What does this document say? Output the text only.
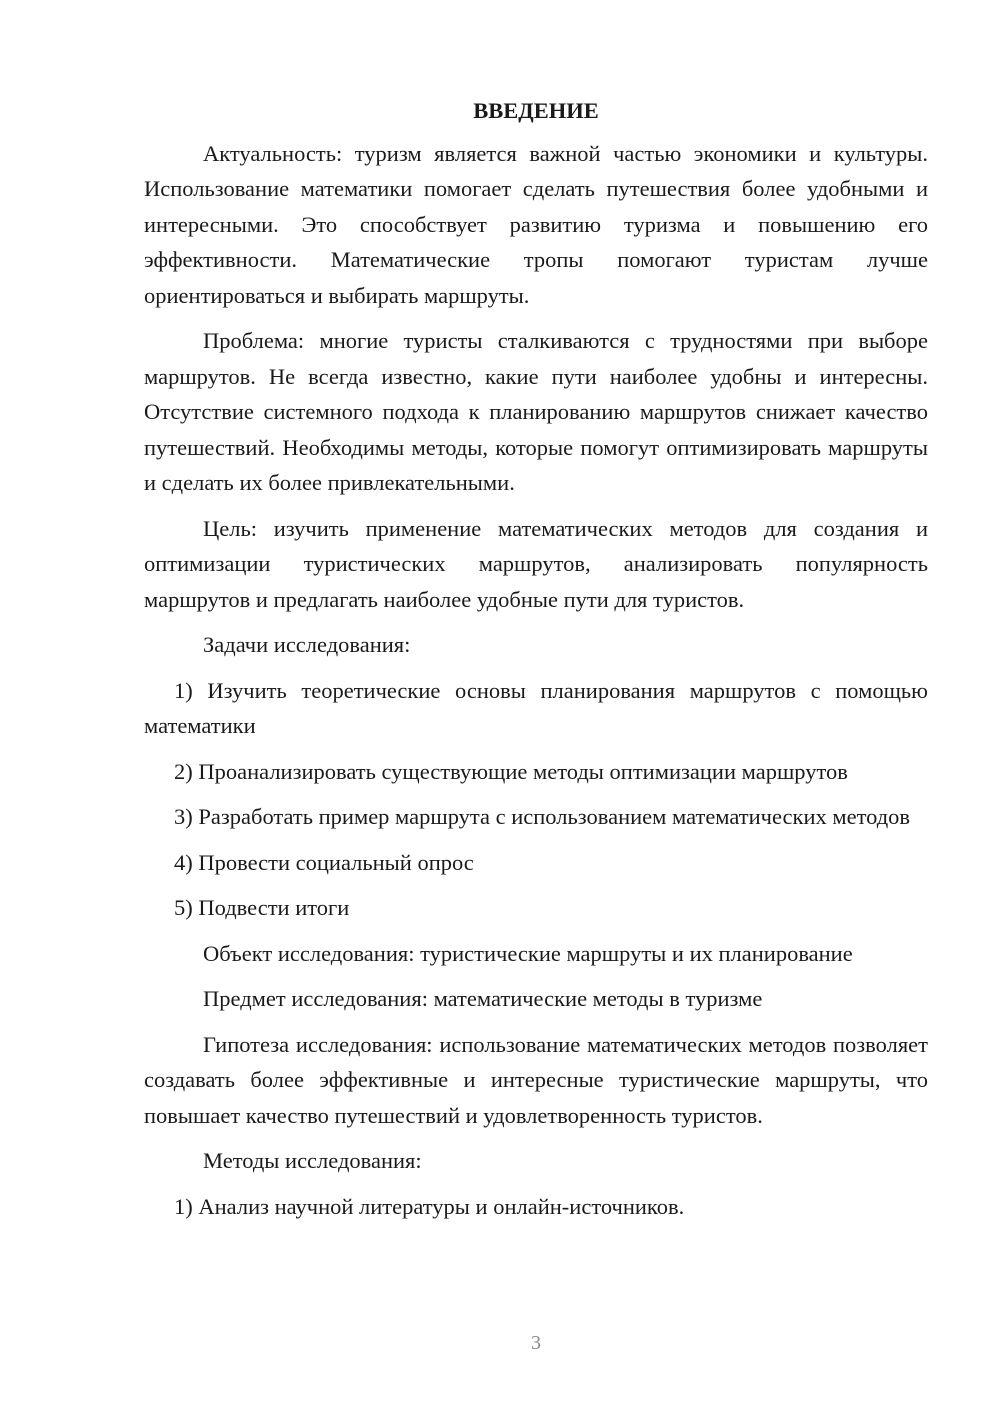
ВВЕДЕНИЕ
Актуальность: туризм является важной частью экономики и культуры. Использование математики помогает сделать путешествия более удобными и интересными. Это способствует развитию туризма и повышению его эффективности. Математические тропы помогают туристам лучше ориентироваться и выбирать маршруты.
Проблема: многие туристы сталкиваются с трудностями при выборе маршрутов. Не всегда известно, какие пути наиболее удобны и интересны. Отсутствие системного подхода к планированию маршрутов снижает качество путешествий. Необходимы методы, которые помогут оптимизировать маршруты и сделать их более привлекательными.
Цель: изучить применение математических методов для создания и оптимизации туристических маршрутов, анализировать популярность маршрутов и предлагать наиболее удобные пути для туристов.
Задачи исследования:
1) Изучить теоретические основы планирования маршрутов с помощью математики
2) Проанализировать существующие методы оптимизации маршрутов
3) Разработать пример маршрута с использованием математических методов
4) Провести социальный опрос
5) Подвести итоги
Объект исследования: туристические маршруты и их планирование
Предмет исследования: математические методы в туризме
Гипотеза исследования: использование математических методов позволяет создавать более эффективные и интересные туристические маршруты, что повышает качество путешествий и удовлетворенность туристов.
Методы исследования:
1) Анализ научной литературы и онлайн-источников.
3
